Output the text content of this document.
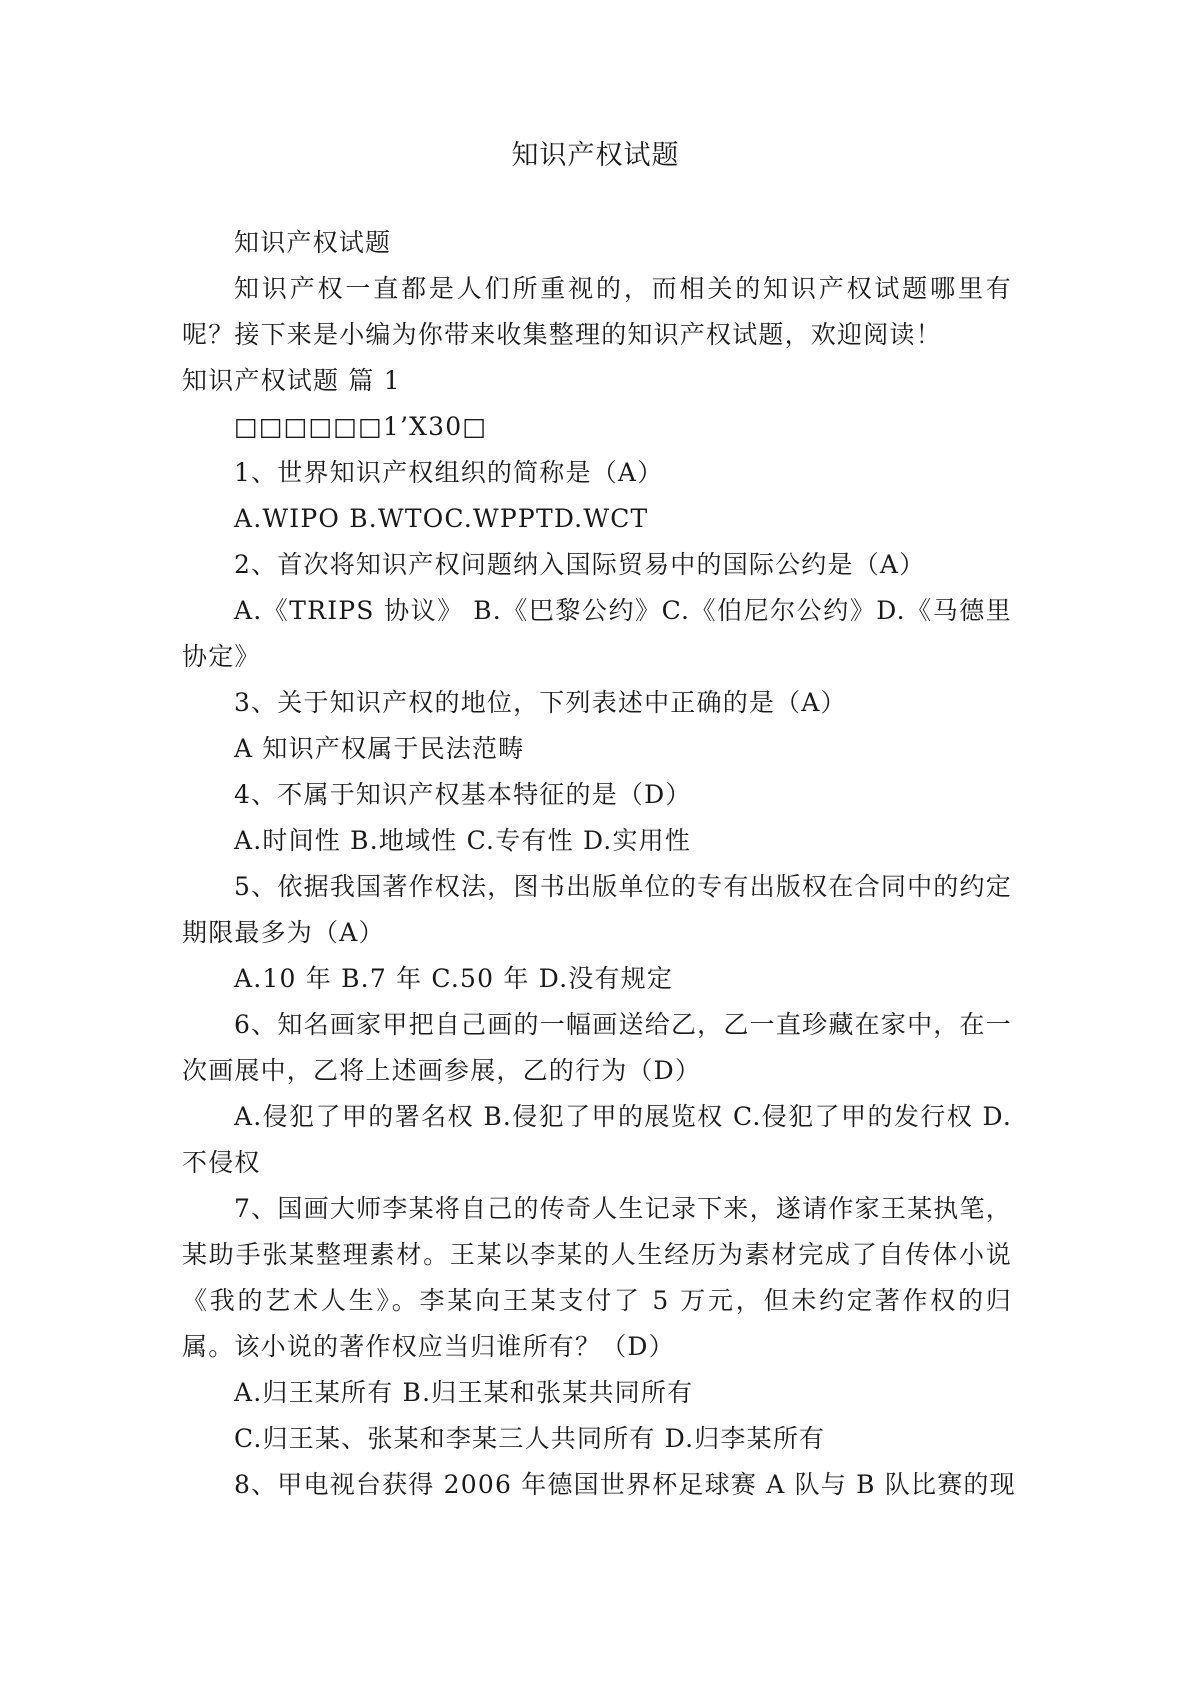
知识产权试题

知识产权试题

知识产权一直都是人们所重视的，而相关的知识产权试题哪里有呢？接下来是小编为你带来收集整理的知识产权试题，欢迎阅读！

知识产权试题 篇 1

□□□□□□1’X30□

1、世界知识产权组织的简称是（A）

A.WIPO B.WTOC.WPPTD.WCT

2、首次将知识产权问题纳入国际贸易中的国际公约是（A）

A.《TRIPS 协议》 B.《巴黎公约》C.《伯尼尔公约》D.《马德里协定》

3、关于知识产权的地位，下列表述中正确的是（A）

A 知识产权属于民法范畴

4、不属于知识产权基本特征的是（D）

A.时间性 B.地域性 C.专有性 D.实用性

5、依据我国著作权法，图书出版单位的专有出版权在合同中的约定期限最多为（A）

A.10 年 B.7 年 C.50 年 D.没有规定

6、知名画家甲把自己画的一幅画送给乙，乙一直珍藏在家中，在一次画展中，乙将上述画参展，乙的行为（D）

A.侵犯了甲的署名权 B.侵犯了甲的展览权 C.侵犯了甲的发行权 D.不侵权

7、国画大师李某将自己的传奇人生记录下来，遂请作家王某执笔，某助手张某整理素材。王某以李某的人生经历为素材完成了自传体小说《我的艺术人生》。李某向王某支付了 5 万元，但未约定著作权的归属。该小说的著作权应当归谁所有？（D）

A.归王某所有 B.归王某和张某共同所有

C.归王某、张某和李某三人共同所有 D.归李某所有

8、甲电视台获得 2006 年德国世界杯足球赛 A 队与 B 队比赛的现
